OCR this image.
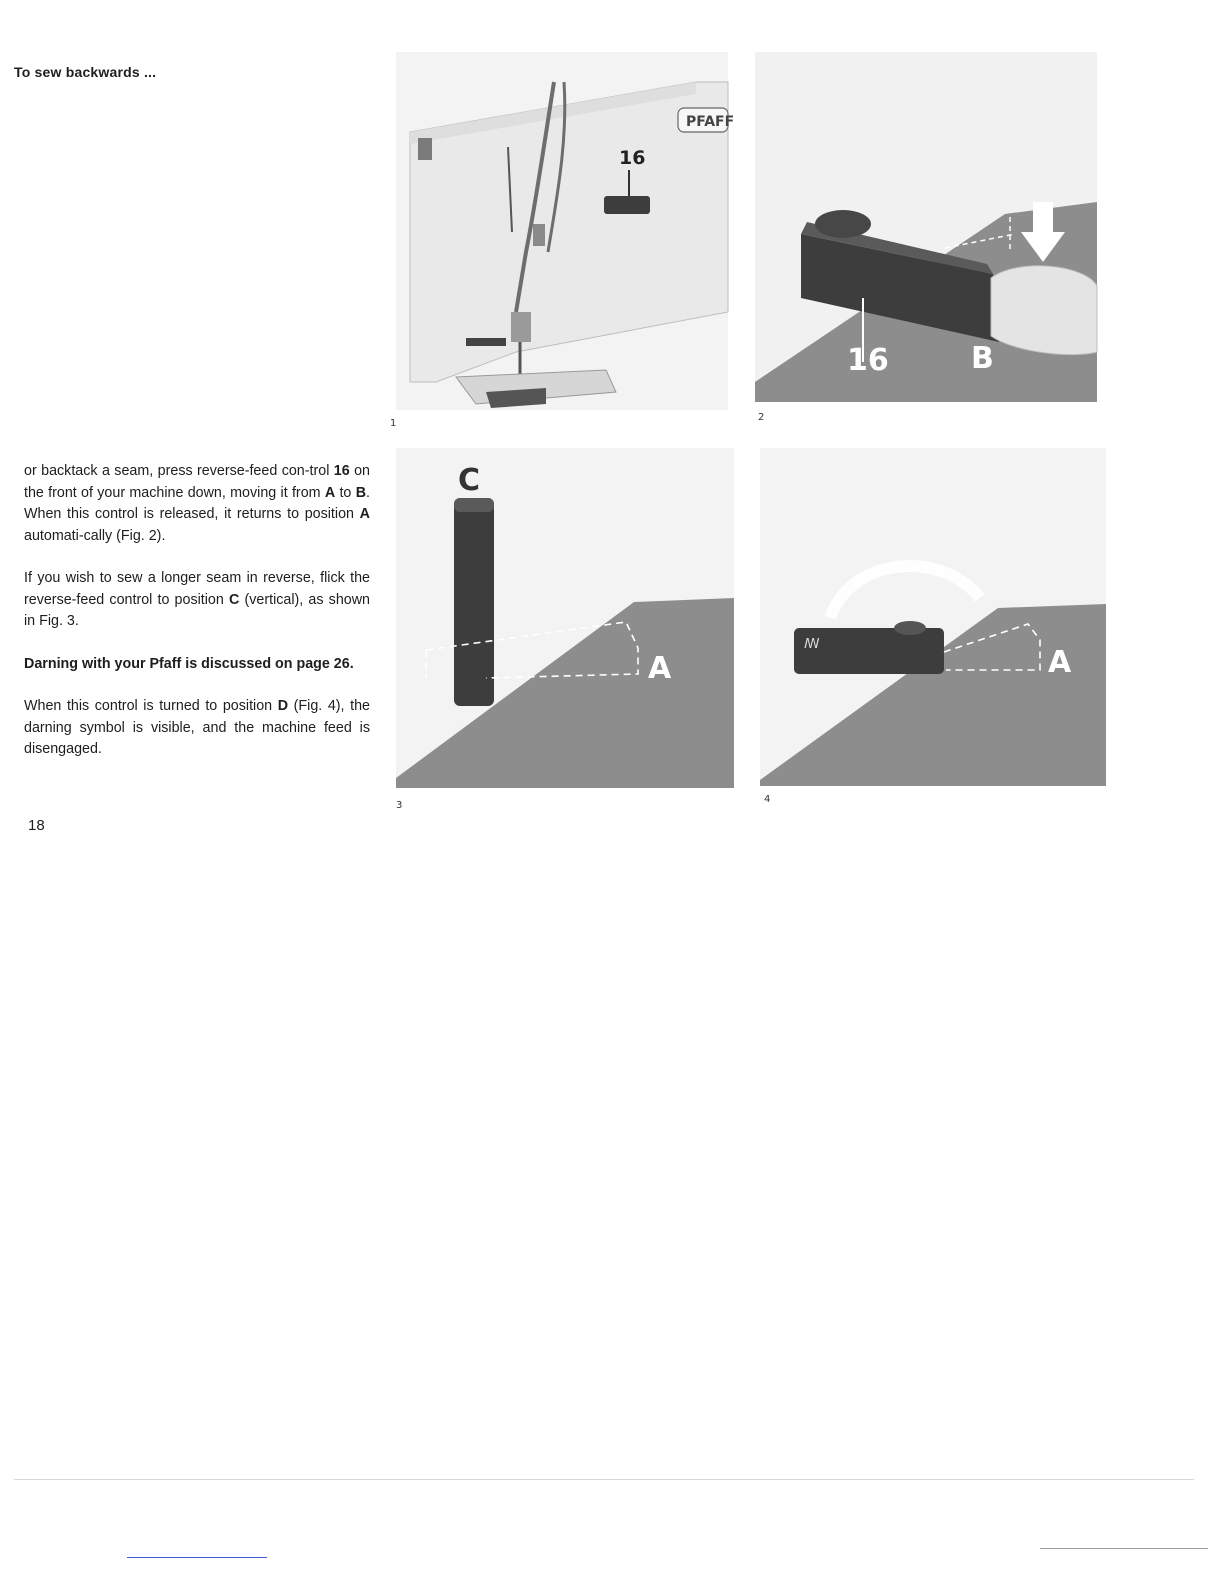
To sew backwards ...

or backtack a seam, press reverse-feed con-trol 16 on the front of your machine down, moving it from A to B. When this control is released, it returns to position A automati-cally (Fig. 2).

If you wish to sew a longer seam in reverse, flick the reverse-feed control to position C (vertical), as shown in Fig. 3.

Darning with your Pfaff is discussed on page 26.

When this control is turned to position D (Fig. 4), the darning symbol is visible, and the machine feed is disengaged.

18
PFAFF
16
1
16	B
2
C
A
3
ꟿ
A
4
